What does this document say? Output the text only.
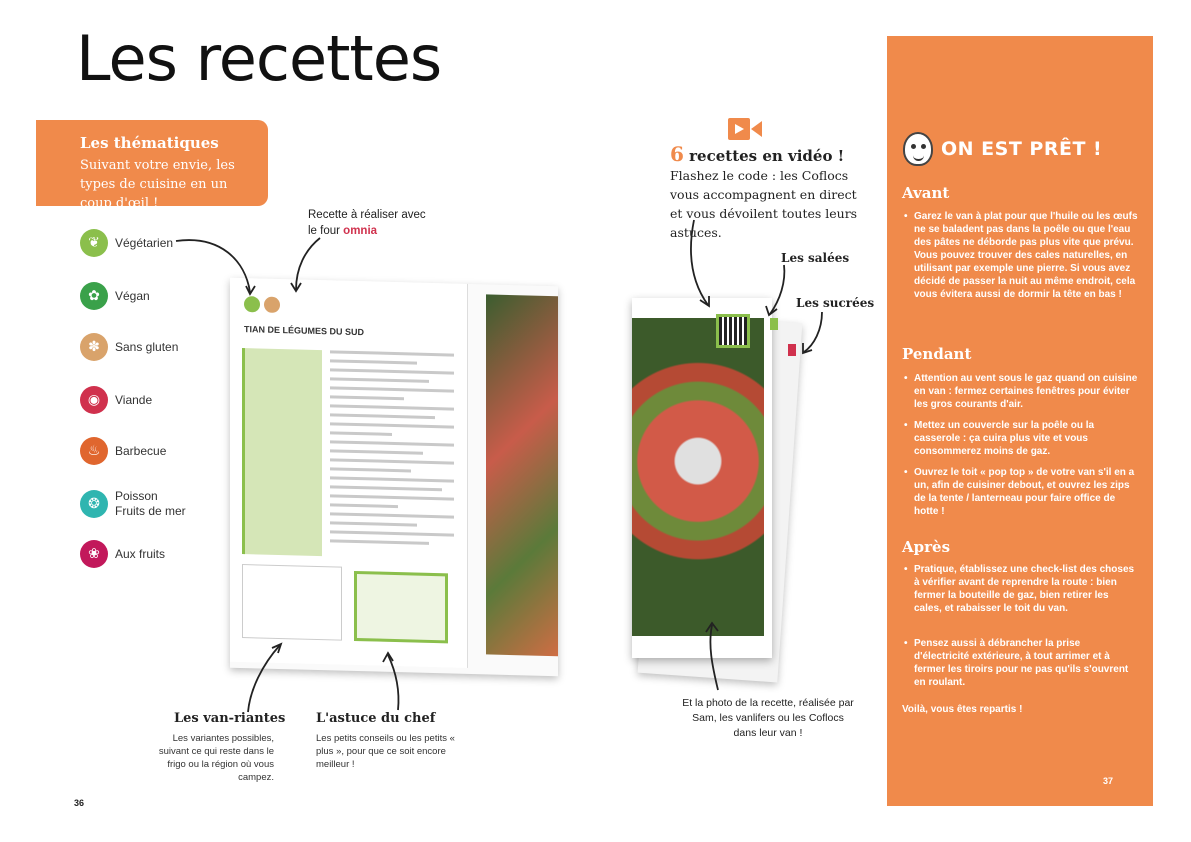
Les recettes
Les thématiques
Suivant votre envie, les types de cuisine en un coup d'œil !
❦	Végétarien
✿	Végan
✽	Sans gluten
◉	Viande
♨	Barbecue
❂	Poisson
Fruits de mer
❀	Aux fruits
Recette à réaliser avec
le four omnia
TIAN DE LÉGUMES DU SUD
Les van-riantes
Les variantes possibles, suivant ce qui reste dans le frigo ou la région où vous campez.
L'astuce du chef
Les petits conseils ou les petits « plus », pour que ce soit encore meilleur !
6 recettes en vidéo !
Flashez le code : les Coflocs vous accompagnent en direct et vous dévoilent toutes leurs astuces.
Les salées
Les sucrées
Et la photo de la recette, réalisée par Sam, les vanlifers ou les Coflocs dans leur van !
ON EST PRÊT !
Avant
• Garez le van à plat pour que l'huile ou les œufs ne se baladent pas dans la poêle ou que l'eau des pâtes ne déborde pas plus vite que prévu. Vous pouvez trouver des cales naturelles, en utilisant par exemple une pierre. Si vous avez décidé de passer la nuit au même endroit, cela vous évitera aussi de dormir la tête en bas !
Pendant
• Attention au vent sous le gaz quand on cuisine en van : fermez certaines fenêtres pour éviter les gros courants d'air.
• Mettez un couvercle sur la poêle ou la casserole : ça cuira plus vite et vous consommerez moins de gaz.
• Ouvrez le toit « pop top » de votre van s'il en a un, afin de cuisiner debout, et ouvrez les zips de la tente / lanterneau pour faire office de hotte !
Après
• Pratique, établissez une check-list des choses à vérifier avant de reprendre la route : bien fermer la bouteille de gaz, bien retirer les cales, et rabaisser le toit du van.
• Pensez aussi à débrancher la prise d'électricité extérieure, à tout arrimer et à fermer les tiroirs pour ne pas qu'ils s'ouvrent en roulant.
Voilà, vous êtes repartis !
37
36
